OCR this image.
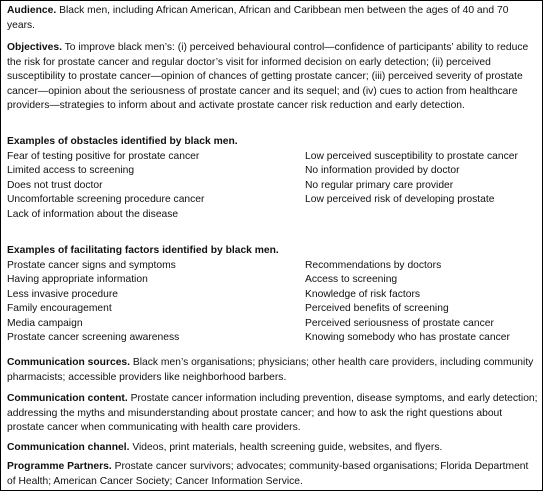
Audience. Black men, including African American, African and Caribbean men between the ages of 40 and 70 years.

Objectives. To improve black men’s: (i) perceived behavioural control—confidence of participants’ ability to reduce the risk for prostate cancer and regular doctor’s visit for informed decision on early detection; (ii) perceived susceptibility to prostate cancer—opinion of chances of getting prostate cancer; (iii) perceived severity of prostate cancer—opinion about the seriousness of prostate cancer and its sequel; and (iv) cues to action from healthcare providers—strategies to inform about and activate prostate cancer risk reduction and early detection.

Examples of obstacles identified by black men.

Fear of testing positive for prostate cancer
Limited access to screening
Does not trust doctor
Uncomfortable screening procedure cancer
Lack of information about the disease
Low perceived susceptibility to prostate cancer
No information provided by doctor
No regular primary care provider
Low perceived risk of developing prostate

Examples of facilitating factors identified by black men.

Prostate cancer signs and symptoms
Having appropriate information
Less invasive procedure
Family encouragement
Media campaign
Prostate cancer screening awareness
Recommendations by doctors
Access to screening
Knowledge of risk factors
Perceived benefits of screening
Perceived seriousness of prostate cancer
Knowing somebody who has prostate cancer

Communication sources. Black men’s organisations; physicians; other health care providers, including community pharmacists; accessible providers like neighborhood barbers.

Communication content. Prostate cancer information including prevention, disease symptoms, and early detection; addressing the myths and misunderstanding about prostate cancer; and how to ask the right questions about prostate cancer when communicating with health care providers.

Communication channel. Videos, print materials, health screening guide, websites, and flyers.

Programme Partners. Prostate cancer survivors; advocates; community-based organisations; Florida Department of Health; American Cancer Society; Cancer Information Service.
